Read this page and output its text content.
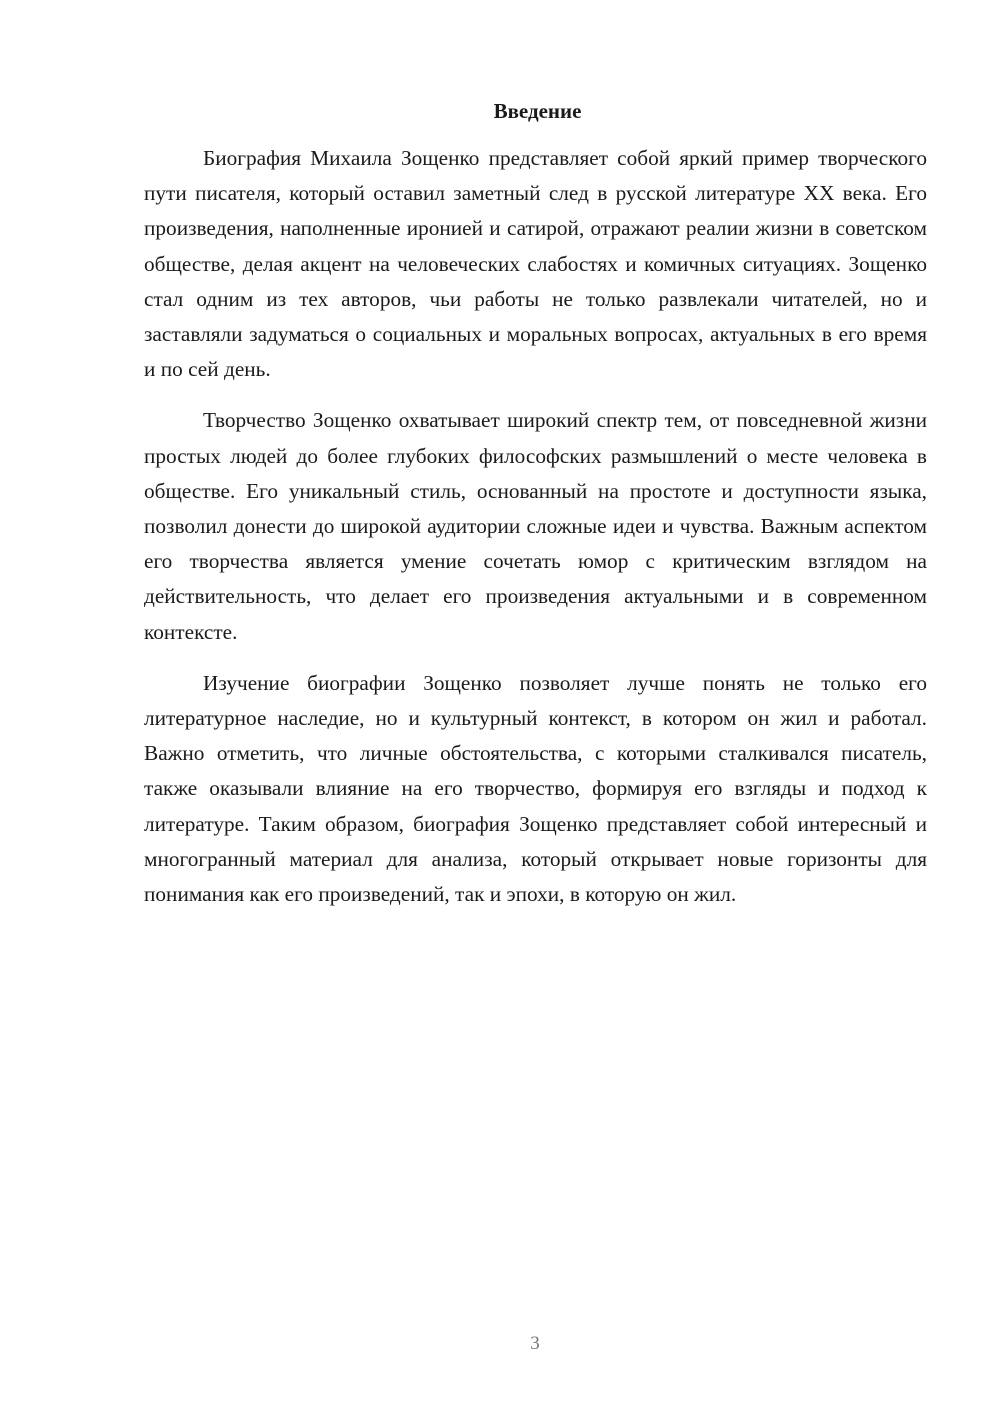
Введение

Биография Михаила Зощенко представляет собой яркий пример творческого пути писателя, который оставил заметный след в русской литературе XX века. Его произведения, наполненные иронией и сатирой, отражают реалии жизни в советском обществе, делая акцент на человеческих слабостях и комичных ситуациях. Зощенко стал одним из тех авторов, чьи работы не только развлекали читателей, но и заставляли задуматься о социальных и моральных вопросах, актуальных в его время и по сей день.

Творчество Зощенко охватывает широкий спектр тем, от повседневной жизни простых людей до более глубоких философских размышлений о месте человека в обществе. Его уникальный стиль, основанный на простоте и доступности языка, позволил донести до широкой аудитории сложные идеи и чувства. Важным аспектом его творчества является умение сочетать юмор с критическим взглядом на действительность, что делает его произведения актуальными и в современном контексте.

Изучение биографии Зощенко позволяет лучше понять не только его литературное наследие, но и культурный контекст, в котором он жил и работал. Важно отметить, что личные обстоятельства, с которыми сталкивался писатель, также оказывали влияние на его творчество, формируя его взгляды и подход к литературе. Таким образом, биография Зощенко представляет собой интересный и многогранный материал для анализа, который открывает новые горизонты для понимания как его произведений, так и эпохи, в которую он жил.

3
